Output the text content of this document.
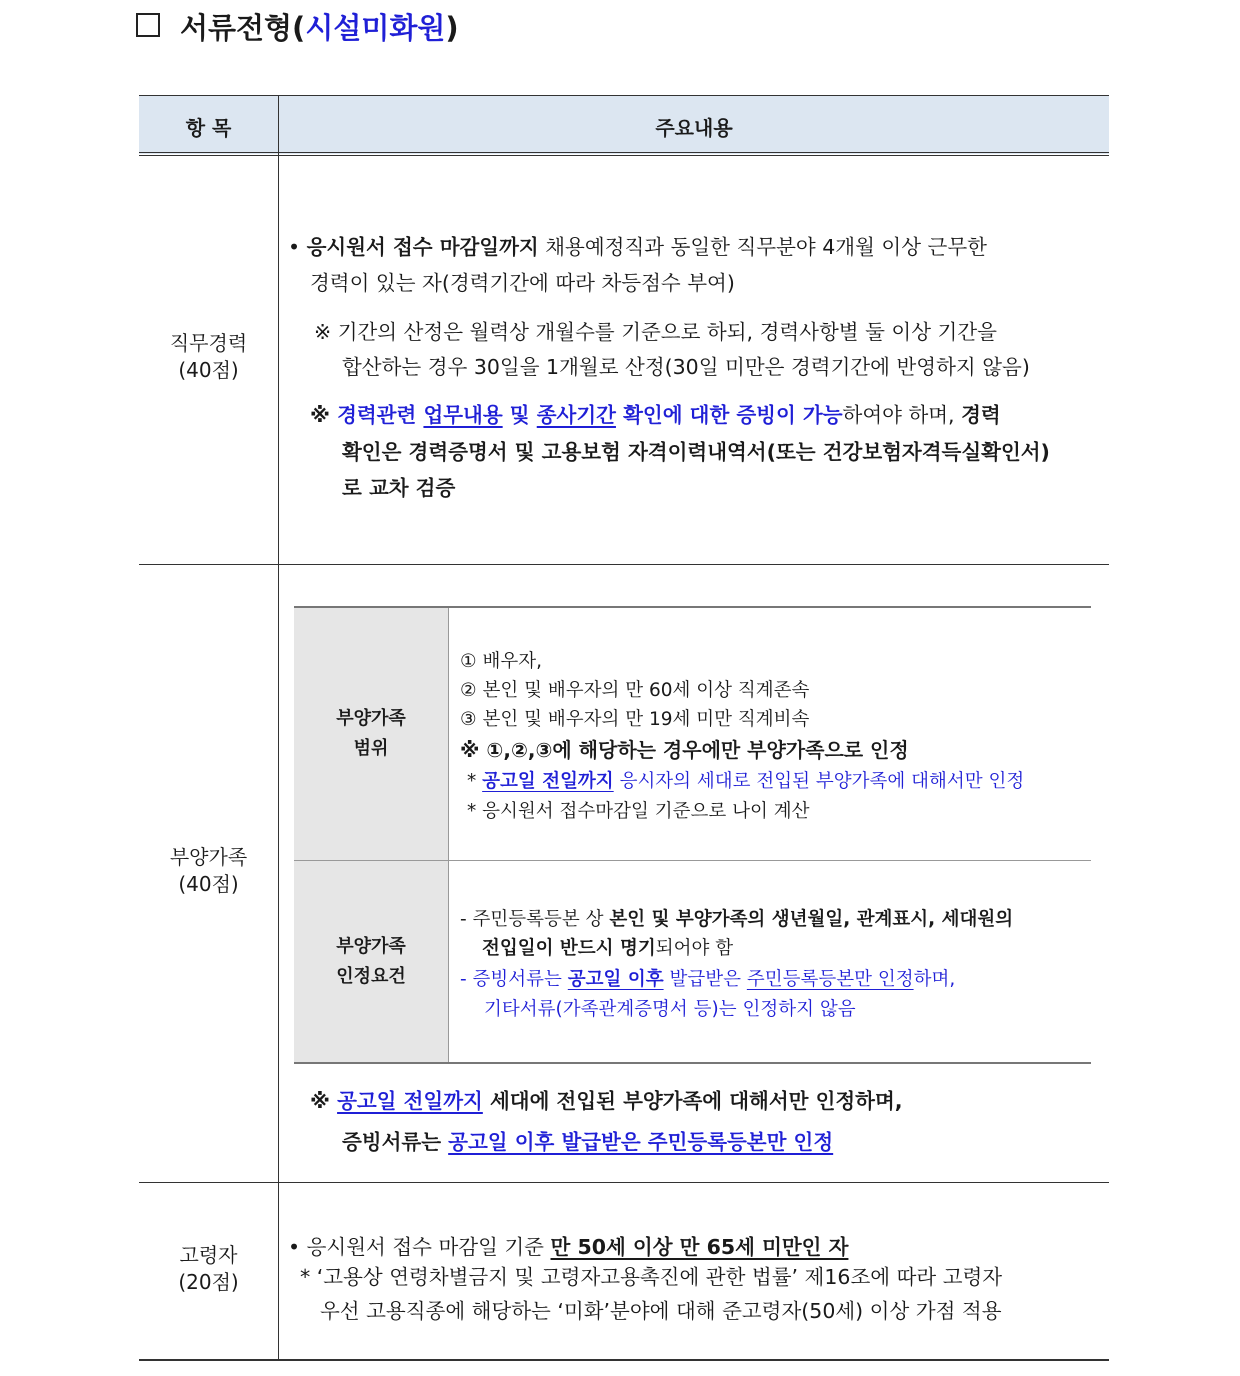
서류전형(시설미화원)
항 목	주요내용
직무경력
(40점)
• 응시원서 접수 마감일까지 채용예정직과 동일한 직무분야 4개월 이상 근무한
경력이 있는 자(경력기간에 따라 차등점수 부여)
※ 기간의 산정은 월력상 개월수를 기준으로 하되, 경력사항별 둘 이상 기간을
합산하는 경우 30일을 1개월로 산정(30일 미만은 경력기간에 반영하지 않음)
※ 경력관련 업무내용 및 종사기간 확인에 대한 증빙이 가능하여야 하며, 경력
확인은 경력증명서 및 고용보험 자격이력내역서(또는 건강보험자격득실확인서)
로 교차 검증
부양가족
(40점)
부양가족
범위
① 배우자,
② 본인 및 배우자의 만 60세 이상 직계존속
③ 본인 및 배우자의 만 19세 미만 직계비속
※ ①,②,③에 해당하는 경우에만 부양가족으로 인정
* 공고일 전일까지 응시자의 세대로 전입된 부양가족에 대해서만 인정
* 응시원서 접수마감일 기준으로 나이 계산
부양가족
인정요건
- 주민등록등본 상 본인 및 부양가족의 생년월일, 관계표시, 세대원의
전입일이 반드시 명기되어야 함
- 증빙서류는 공고일 이후 발급받은 주민등록등본만 인정하며,
기타서류(가족관계증명서 등)는 인정하지 않음
※ 공고일 전일까지 세대에 전입된 부양가족에 대해서만 인정하며,
증빙서류는 공고일 이후 발급받은 주민등록등본만 인정
고령자
(20점)
• 응시원서 접수 마감일 기준 만 50세 이상 만 65세 미만인 자
* ‘고용상 연령차별금지 및 고령자고용촉진에 관한 법률’ 제16조에 따라 고령자
우선 고용직종에 해당하는 ‘미화’분야에 대해 준고령자(50세) 이상 가점 적용
